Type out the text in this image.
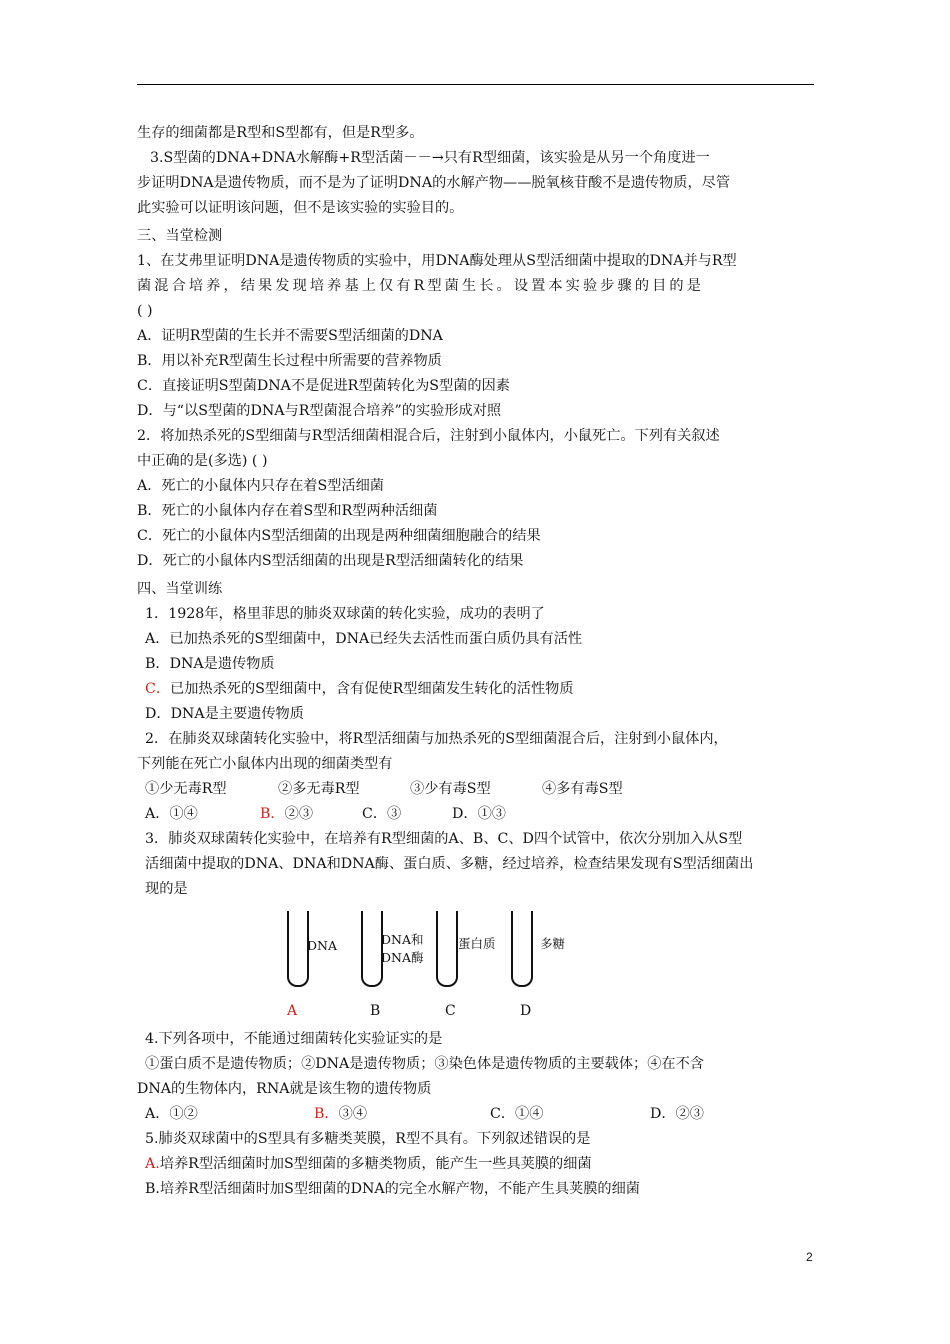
生存的细菌都是R型和S型都有，但是R型多。
3.S型菌的DNA+DNA水解酶+R型活菌－－→只有R型细菌，该实验是从另一个角度进一
步证明DNA是遗传物质，而不是为了证明DNA的水解产物——脱氧核苷酸不是遗传物质，尽管
此实验可以证明该问题，但不是该实验的实验目的。
三、当堂检测
1、在艾弗里证明DNA是遗传物质的实验中，用DNA酶处理从S型活细菌中提取的DNA并与R型
菌混合培养，结果发现培养基上仅有R型菌生长。设置本实验步骤的目的是
( )
A．证明R型菌的生长并不需要S型活细菌的DNA
B．用以补充R型菌生长过程中所需要的营养物质
C．直接证明S型菌DNA不是促进R型菌转化为S型菌的因素
D．与“以S型菌的DNA与R型菌混合培养”的实验形成对照
2．将加热杀死的S型细菌与R型活细菌相混合后，注射到小鼠体内，小鼠死亡。下列有关叙述
中正确的是(多选) ( )
A．死亡的小鼠体内只存在着S型活细菌
B．死亡的小鼠体内存在着S型和R型两种活细菌
C．死亡的小鼠体内S型活细菌的出现是两种细菌细胞融合的结果
D．死亡的小鼠体内S型活细菌的出现是R型活细菌转化的结果
四、当堂训练
1．1928年，格里菲思的肺炎双球菌的转化实验，成功的表明了
A．已加热杀死的S型细菌中，DNA已经失去活性而蛋白质仍具有活性
B．DNA是遗传物质
C．已加热杀死的S型细菌中，含有促使R型细菌发生转化的活性物质
D．DNA是主要遗传物质
2．在肺炎双球菌转化实验中，将R型活细菌与加热杀死的S型细菌混合后，注射到小鼠体内，
下列能在死亡小鼠体内出现的细菌类型有
①少无毒R型	②多无毒R型	③少有毒S型	④多有毒S型
A．①④	B．②③	C．③	D．①③
3．肺炎双球菌转化实验中，在培养有R型细菌的A、B、C、D四个试管中，依次分别加入从S型
活细菌中提取的DNA、DNA和DNA酶、蛋白质、多糖，经过培养，检查结果发现有S型活细菌出
现的是
DNA	DNA和
DNA酶
蛋白质	多糖
A	B	C	D
4.下列各项中，不能通过细菌转化实验证实的是
①蛋白质不是遗传物质；②DNA是遗传物质；③染色体是遗传物质的主要载体；④在不含
DNA的生物体内，RNA就是该生物的遗传物质
A．①②	B．③④	C．①④	D．②③
5.肺炎双球菌中的S型具有多糖类荚膜，R型不具有。下列叙述错误的是
A.培养R型活细菌时加S型细菌的多糖类物质，能产生一些具荚膜的细菌
B.培养R型活细菌时加S型细菌的DNA的完全水解产物，不能产生具荚膜的细菌
2
